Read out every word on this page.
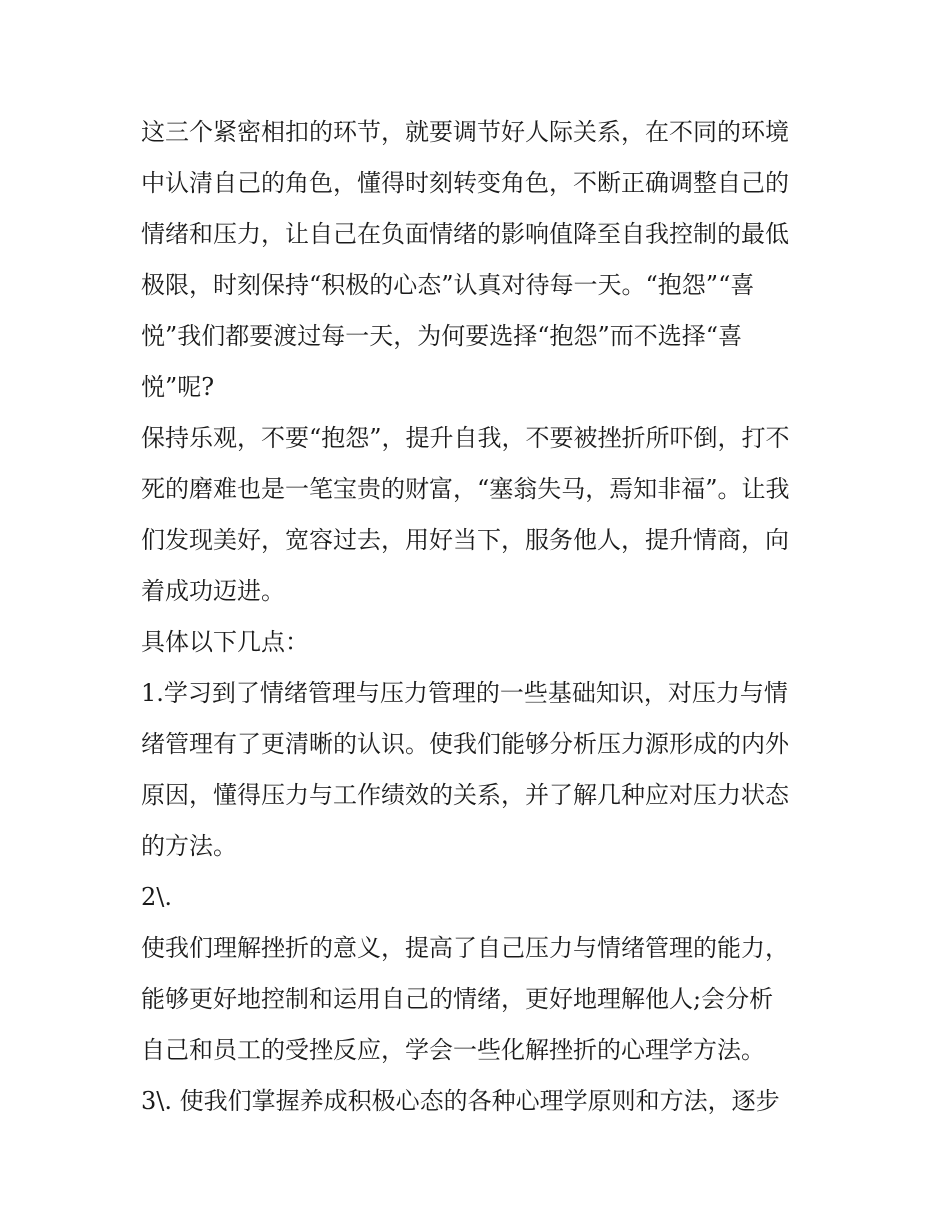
这三个紧密相扣的环节，就要调节好人际关系，在不同的环境
中认清自己的角色，懂得时刻转变角色，不断正确调整自己的
情绪和压力，让自己在负面情绪的影响值降至自我控制的最低
极限，时刻保持“积极的心态”认真对待每一天。“抱怨”“喜
悦”我们都要渡过每一天，为何要选择“抱怨”而不选择“喜
悦”呢?
保持乐观，不要“抱怨”，提升自我，不要被挫折所吓倒，打不
死的磨难也是一笔宝贵的财富，“塞翁失马，焉知非福”。让我
们发现美好，宽容过去，用好当下，服务他人，提升情商，向
着成功迈进。
具体以下几点：
1.学习到了情绪管理与压力管理的一些基础知识，对压力与情
绪管理有了更清晰的认识。使我们能够分析压力源形成的内外
原因，懂得压力与工作绩效的关系，并了解几种应对压力状态
的方法。
2\.
使我们理解挫折的意义，提高了自己压力与情绪管理的能力，
能够更好地控制和运用自己的情绪，更好地理解他人;会分析
自己和员工的受挫反应，学会一些化解挫折的心理学方法。
3\. 使我们掌握养成积极心态的各种心理学原则和方法，逐步
